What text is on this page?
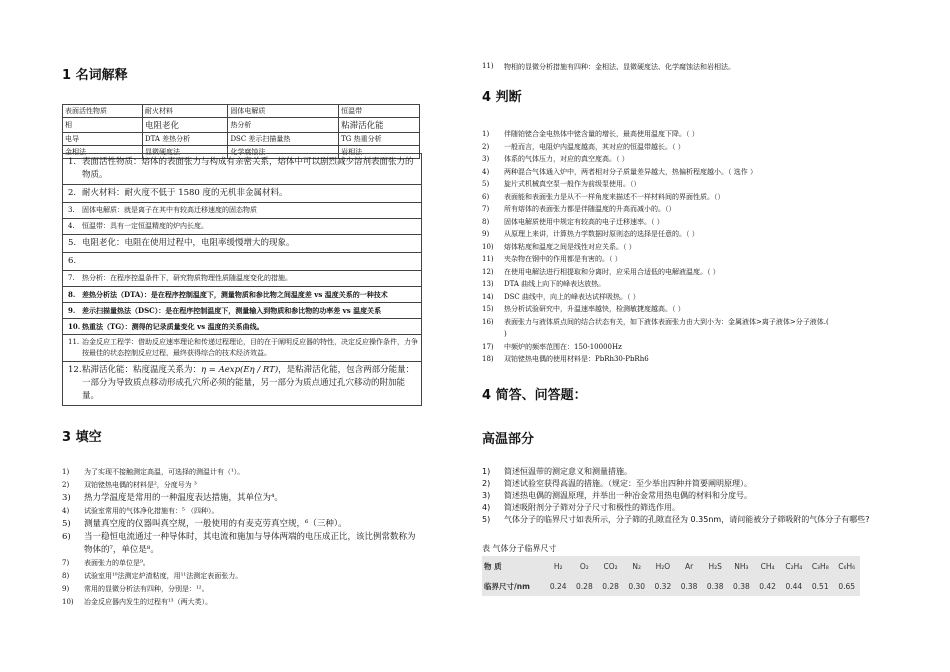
1 名词解释
表面活性物质	耐火材料	固体电解质	恒温带
相	电阻老化	热分析	粘滞活化能
电导	DTA 差热分析	DSC 差示扫描量热	TG 热重分析
金相法	显微硬度法	化学腐蚀法	岩相法
1. 表面活性物质：熔体的表面张力与构成有亲密关系，熔体中可以剧烈减少溶剂表面张力的物质。
2. 耐火材料：耐火度不低于 1580 度的无机非金属材料。
3.	固体电解质：就是离子在其中有较高迁移速度的固态物质
4.	恒温带：具有一定恒温精度的炉内长度。
5. 电阻老化：电阻在使用过程中，电阻率缓慢增大的现象。
6.
7.	热分析：在程序控温条件下，研究物质物理性质随温度变化的措施。
8. 差热分析法（DTA）：是在程序控制温度下，测量物质和参比物之间温度差 vs 温度关系的一种技术
9. 差示扫描量热法（DSC）：是在程序控制温度下，测量输入到物质和参比物的功率差 vs 温度关系
10. 热重法（TG）：测得的记录质量变化 vs 温度的关系曲线。
11. 冶金反应工程学：借助反应速率理论和传递过程理论，目的在于阐明反应器的特性，决定反应操作条件，力争按最佳的状态控制反应过程，最终获得综合的技术经济效益。
12. 粘滞活化能：粘度温度关系为：η = Aexp(Eη / RT)，是粘滞活化能，包含两部分能量：一部分为导致质点移动形成孔穴所必须的能量，另一部分为质点通过孔穴移动的附加能量。
3 填空
1)	为了实现不接触测定高温，可选择的测温计有（¹）。
2)	双铂铑热电偶的材料是²，分度号为 ³
3)	热力学温度是常用的一种温度表达措施，其单位为⁴。
4)	试验室常用的气体净化措施有：⁵ （四种）。
5)	测量真空度的仪器叫真空规，一般使用的有麦克劳真空规，⁶（三种）。
6)	当一稳恒电流通过一种导体时，其电流和施加与导体两端的电压成正比，该比例常数称为物体的⁷，单位是⁸。
7)	表面张力的单位是⁹。
8)	试验室用¹⁰法测定炉渣粘度，用¹¹法测定表面张力。
9)	常用的显微分析法有四种，分别是：¹²。
10)	冶金反应器内发生的过程有¹³（两大类）。
11)	物相的显微分析措施有四种：金相法、显微硬度法、化学腐蚀法和岩相法。
4 判断
1)	伴随铂铑合金电热体中铑含量的增长，最高使用温度下降。（ ）
2)	一般而言，电阻炉内温度越高，其对应的恒温带越长。（ ）
3)	体系的气体压力，对应的真空度高。（ ）
4)	两种混合气体通入炉中，两者相对分子质量差异越大，热偏析程度越小。（ 选作 ）
5)	旋片式机械真空泵一般作为前级泵使用。（）
6)	表面能和表面张力是从不一样角度来描述不一样材料间的界面性质。（）
7)	所有熔体的表面张力都是伴随温度的升高而减小的。（）
8)	固体电解质使用中规定有较高的电子迁移速率。（ ）
9)	从原理上来讲，计算热力学数据时原则态的选择是任意的。（ ）
10)	熔体粘度和温度之间是线性对应关系。（ ）
11)	夹杂物在钢中的作用都是有害的。（ ）
12)	在使用电解法进行相提取和分离时，应采用合适低的电解液温度。（ ）
13)	DTA 曲线上向下的峰表达放热。
14)	DSC 曲线中，向上的峰表达试样吸热。（ ）
15)	热分析试验研究中，升温速率越快，检测敏捷度越高。（ ）
16)	表面张力与液体质点间的结合状态有关，如下液体表面张力由大到小为：金属液体>离子液体>分子液体.(
)
17)	中频炉的频率范围在：150-10000Hz
18)	双铂铑热电偶的使用材料是：PbRh30-PbRh6
4 简答、问答题：
高温部分
1)	简述恒温带的测定意义和测量措施。
2)	简述试验室获得高温的措施。（规定：至少举出四种并简要阐明原理）。
3)	简述热电偶的测温原理，并举出一种冶金常用热电偶的材料和分度号。
4)	简述吸附剂分子筛对分子尺寸和极性的筛选作用。
5)	气体分子的临界尺寸如表所示，分子筛的孔隙直径为 0.35nm，请问能被分子筛吸附的气体分子有哪些?
表 气体分子临界尺寸
物 质	H₂	O₂	CO₂	N₂	H₂O	Ar	H₂S	NH₃	CH₄	C₂H₄	C₃H₈	C₆H₆
临界尺寸/nm	0.24	0.28	0.28	0.30	0.32	0.38	0.38	0.38	0.42	0.44	0.51	0.65
